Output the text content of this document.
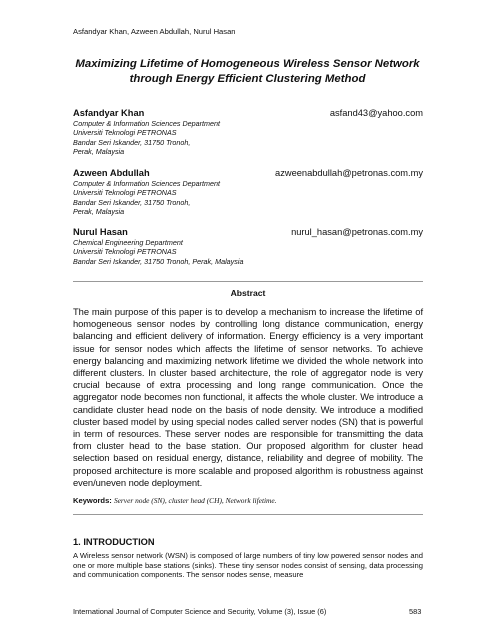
Asfandyar Khan, Azween Abdullah, Nurul Hasan
Maximizing Lifetime of Homogeneous Wireless Sensor Network
through Energy Efficient Clustering Method
Asfandyar Khan	asfand43@yahoo.com
Computer & Information Sciences Department
Universiti Teknologi PETRONAS
Bandar Seri Iskander, 31750 Tronoh,
Perak, Malaysia
Azween Abdullah	azweenabdullah@petronas.com.my
Computer & Information Sciences Department
Universiti Teknologi PETRONAS
Bandar Seri Iskander, 31750 Tronoh,
Perak, Malaysia
Nurul Hasan	nurul_hasan@petronas.com.my
Chemical Engineering Department
Universiti Teknologi PETRONAS
Bandar Seri Iskander, 31750 Tronoh, Perak, Malaysia
Abstract
The main purpose of this paper is to develop a mechanism to increase the lifetime of homogeneous sensor nodes by controlling long distance communication, energy balancing and efficient delivery of information. Energy efficiency is a very important issue for sensor nodes which affects the lifetime of sensor networks. To achieve energy balancing and maximizing network lifetime we divided the whole network into different clusters. In cluster based architecture, the role of aggregator node is very crucial because of extra processing and long range communication. Once the aggregator node becomes non functional, it affects the whole cluster. We introduce a candidate cluster head node on the basis of node density. We introduce a modified cluster based model by using special nodes called server nodes (SN) that is powerful in term of resources. These server nodes are responsible for transmitting the data from cluster head to the base station. Our proposed algorithm for cluster head selection based on residual energy, distance, reliability and degree of mobility. The proposed architecture is more scalable and proposed algorithm is robustness against even/uneven node deployment.
Keywords: Server node (SN), cluster head (CH), Network lifetime.
1. INTRODUCTION
A Wireless sensor network (WSN) is composed of large numbers of tiny low powered sensor nodes and one or more multiple base stations (sinks). These tiny sensor nodes consist of sensing, data processing and communication components. The sensor nodes sense, measure
International Journal of Computer Science and Security, Volume (3), Issue (6)	583
